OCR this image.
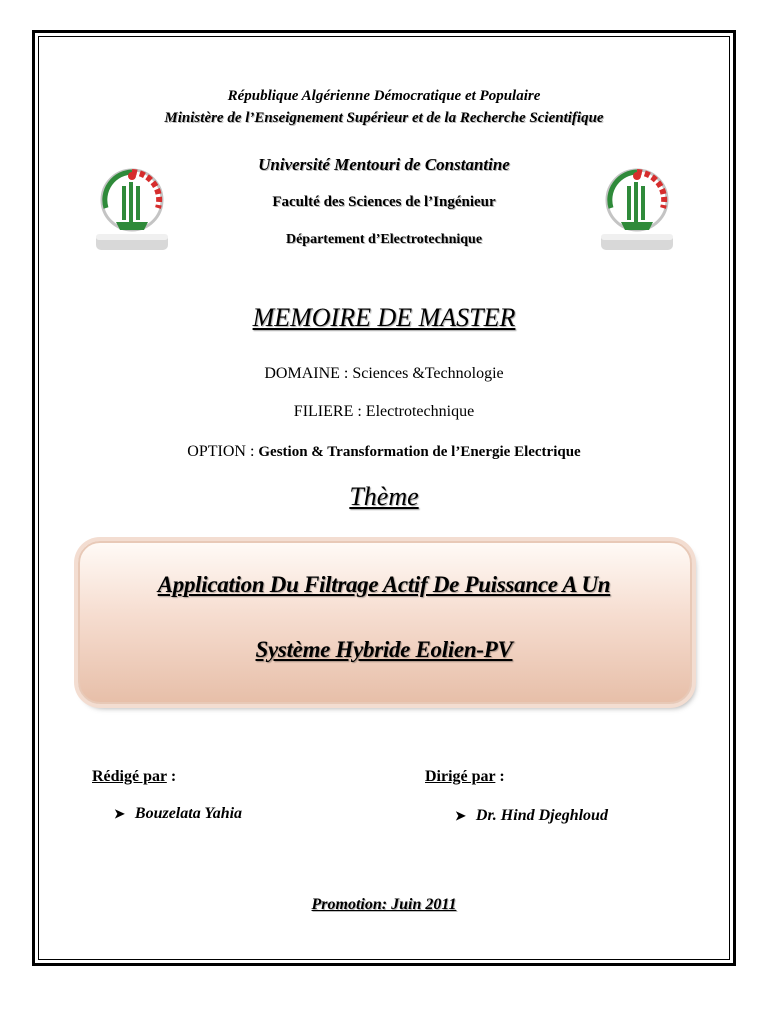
République Algérienne Démocratique et Populaire
Ministère de l’Enseignement Supérieur et de la Recherche Scientifique
Université Mentouri de Constantine
Faculté des Sciences de l’Ingénieur
Département d’Electrotechnique
MEMOIRE DE MASTER
DOMAINE : Sciences &Technologie
FILIERE : Electrotechnique
OPTION : Gestion & Transformation de l’Energie Electrique
Thème
Application Du Filtrage Actif De Puissance A Un
Système Hybride Eolien-PV
Rédigé par :	Dirigé par :
➤ Bouzelata Yahia	➤ Dr. Hind Djeghloud
Promotion: Juin 2011
